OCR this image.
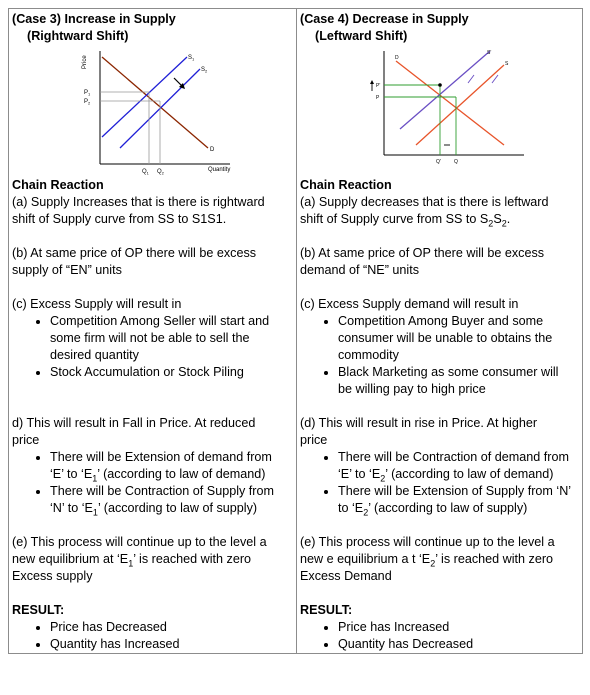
(Case 3) Increase in Supply
(Rightward Shift)
Price
$P_1$
$P_2$
$Q_1$ $Q_2$	Quantity
$S_1$
$S_2$
D
Chain Reaction
(a) Supply Increases that is there is rightward
shift of Supply curve from SS to S1S1.
(b) At same price of OP there will be excess
supply of “EN” units
(c) Excess Supply will result in
• Competition Among Seller will start and
some firm will not be able to sell the
desired quantity
• Stock Accumulation or Stock Piling
d) This will result in Fall in Price. At reduced
price
• There will be Extension of demand from
‘E’ to ‘$E_1$’ (according to law of demand)
• There will be Contraction of Supply from
‘N’ to ‘$E_1$’ (according to law of supply)
(e) This process will continue up to the level a
new equilibrium at ‘$E_1$’ is reached with zero
Excess supply
RESULT:
• Price has Decreased
• Quantity has Increased

(Case 4) Decrease in Supply
(Leftward Shift)
P'
P
Q'	Q
D
S'
S
Chain Reaction
(a) Supply decreases that is there is leftward
shift of Supply curve from SS to $S_2S_2$.
(b) At same price of OP there will be excess
demand of “NE” units
(c) Excess Supply demand will result in
• Competition Among Buyer and some
consumer will be unable to obtains the
commodity
• Black Marketing as some consumer will
be willing pay to high price
(d) This will result in rise in Price. At higher
price
• There will be Contraction of demand from
‘E’ to ‘$E_2$’ (according to law of demand)
• There will be Extension of Supply from ‘N’
to ‘$E_2$’ (according to law of supply)
(e) This process will continue up to the level a
new e equilibrium a t ‘$E_2$’ is reached with zero
Excess Demand
RESULT:
• Price has Increased
• Quantity has Decreased
